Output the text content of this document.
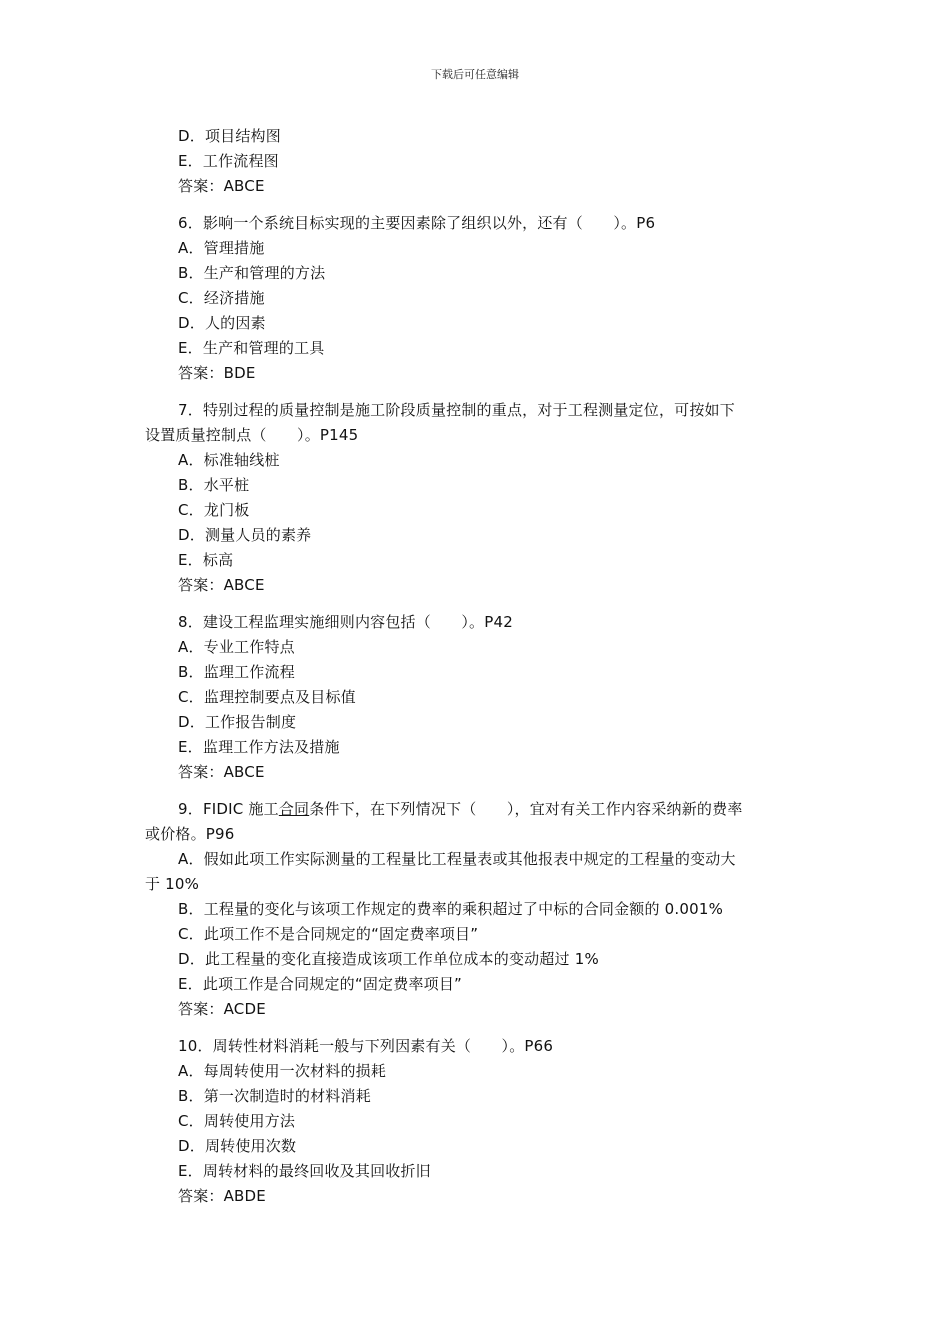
下载后可任意编辑
D．项目结构图
E．工作流程图
答案：ABCE
6．影响一个系统目标实现的主要因素除了组织以外，还有（　　）。P6
A．管理措施
B．生产和管理的方法
C．经济措施
D．人的因素
E．生产和管理的工具
答案：BDE
7．特别过程的质量控制是施工阶段质量控制的重点，对于工程测量定位，可按如下
设置质量控制点（　　）。P145
A．标准轴线桩
B．水平桩
C．龙门板
D．测量人员的素养
E．标高
答案：ABCE
8．建设工程监理实施细则内容包括（　　）。P42
A．专业工作特点
B．监理工作流程
C．监理控制要点及目标值
D．工作报告制度
E．监理工作方法及措施
答案：ABCE
9．FIDIC 施工合同条件下，在下列情况下（　　），宜对有关工作内容采纳新的费率
或价格。P96
A．假如此项工作实际测量的工程量比工程量表或其他报表中规定的工程量的变动大
于 10%
B．工程量的变化与该项工作规定的费率的乘积超过了中标的合同金额的 0.001%
C．此项工作不是合同规定的“固定费率项目”
D．此工程量的变化直接造成该项工作单位成本的变动超过 1%
E．此项工作是合同规定的“固定费率项目”
答案：ACDE
10．周转性材料消耗一般与下列因素有关（　　）。P66
A．每周转使用一次材料的损耗
B．第一次制造时的材料消耗
C．周转使用方法
D．周转使用次数
E．周转材料的最终回收及其回收折旧
答案：ABDE
